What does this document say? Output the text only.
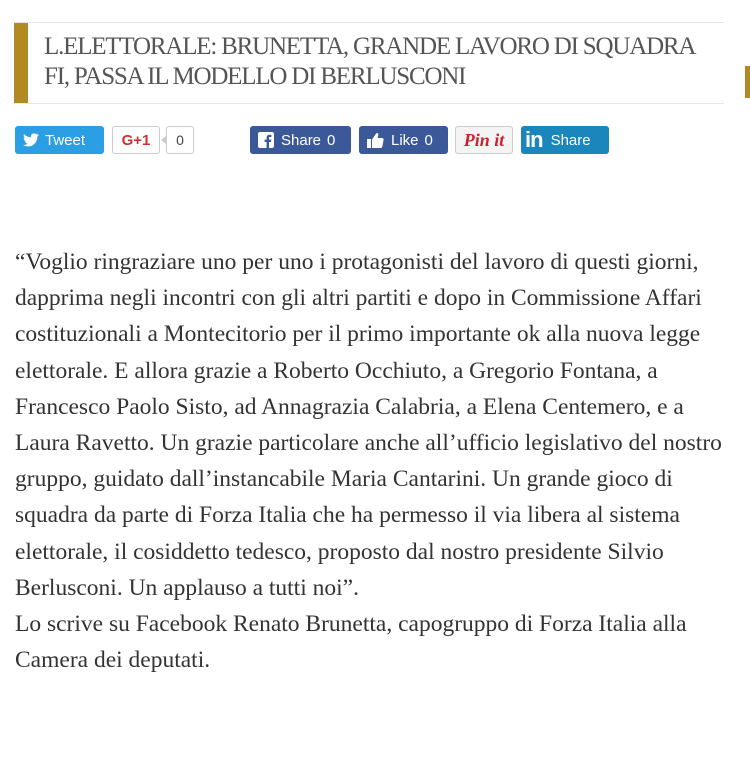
L.ELETTORALE: BRUNETTA, GRANDE LAVORO DI SQUADRA FI, PASSA IL MODELLO DI BERLUSCONI
Tweet G+1	0	Share 0	Like 0 Pin it in Share

“Voglio ringraziare uno per uno i protagonisti del lavoro di questi giorni, dapprima negli incontri con gli altri partiti e dopo in Commissione Affari costituzionali a Montecitorio per il primo importante ok alla nuova legge elettorale. E allora grazie a Roberto Occhiuto, a Gregorio Fontana, a Francesco Paolo Sisto, ad Annagrazia Calabria, a Elena Centemero, e a Laura Ravetto. Un grazie particolare anche all’ufficio legislativo del nostro gruppo, guidato dall’instancabile Maria Cantarini. Un grande gioco di squadra da parte di Forza Italia che ha permesso il via libera al sistema elettorale, il cosiddetto tedesco, proposto dal nostro presidente Silvio Berlusconi. Un applauso a tutti noi”.

Lo scrive su Facebook Renato Brunetta, capogruppo di Forza Italia alla Camera dei deputati.
